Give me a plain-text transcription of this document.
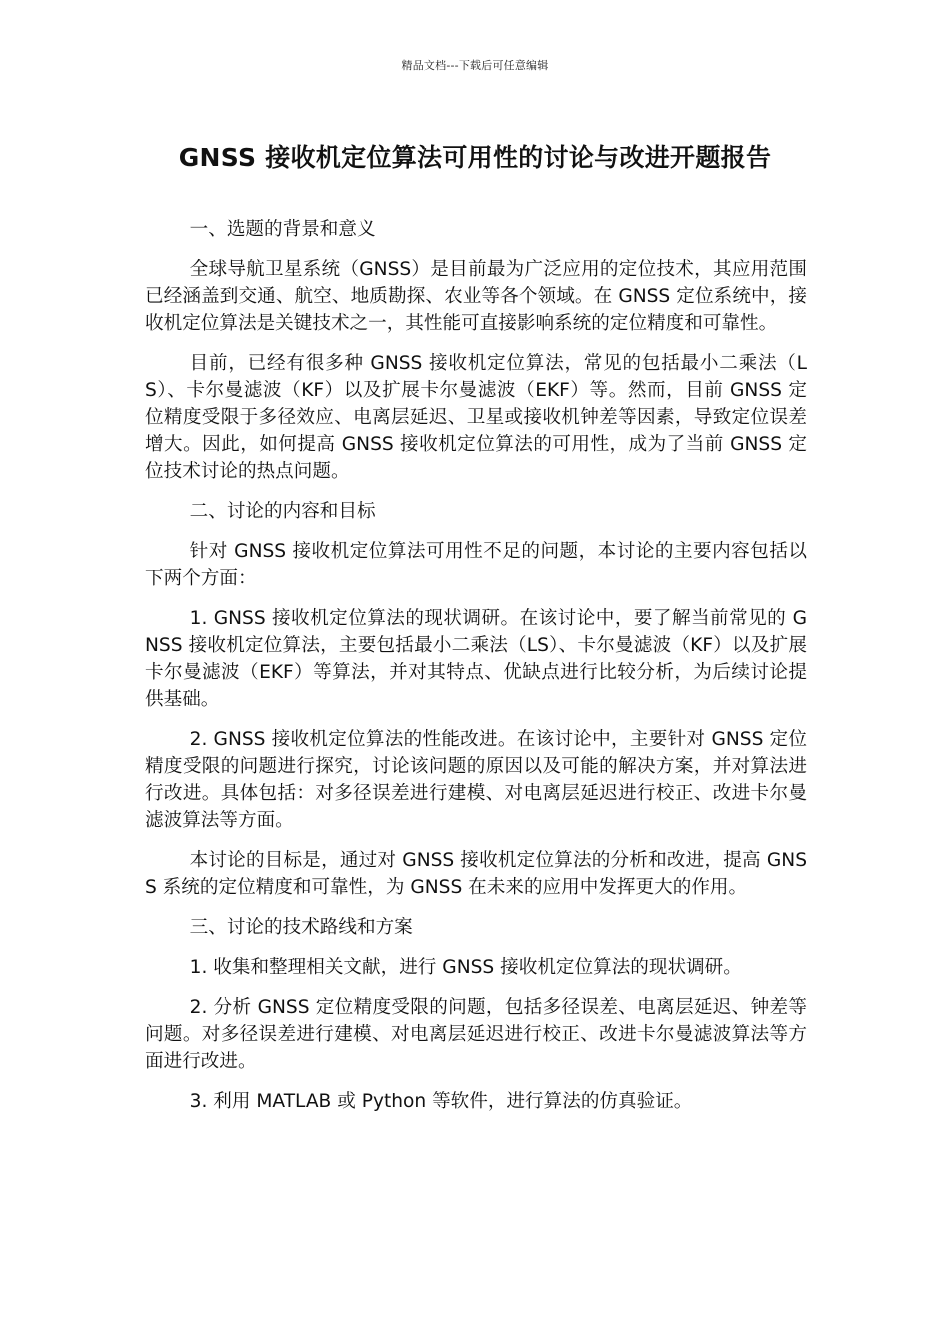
精品文档---下载后可任意编辑
GNSS 接收机定位算法可用性的讨论与改进开题报告

一、选题的背景和意义

全球导航卫星系统（GNSS）是目前最为广泛应用的定位技术，其应用范围已经涵盖到交通、航空、地质勘探、农业等各个领域。在 GNSS 定位系统中，接收机定位算法是关键技术之一，其性能可直接影响系统的定位精度和可靠性。

目前，已经有很多种 GNSS 接收机定位算法，常见的包括最小二乘法（LS）、卡尔曼滤波（KF）以及扩展卡尔曼滤波（EKF）等。然而，目前 GNSS 定位精度受限于多径效应、电离层延迟、卫星或接收机钟差等因素，导致定位误差增大。因此，如何提高 GNSS 接收机定位算法的可用性，成为了当前 GNSS 定位技术讨论的热点问题。

二、讨论的内容和目标

针对 GNSS 接收机定位算法可用性不足的问题，本讨论的主要内容包括以下两个方面：

1. GNSS 接收机定位算法的现状调研。在该讨论中，要了解当前常见的 GNSS 接收机定位算法，主要包括最小二乘法（LS）、卡尔曼滤波（KF）以及扩展卡尔曼滤波（EKF）等算法，并对其特点、优缺点进行比较分析，为后续讨论提供基础。

2. GNSS 接收机定位算法的性能改进。在该讨论中，主要针对 GNSS 定位精度受限的问题进行探究，讨论该问题的原因以及可能的解决方案，并对算法进行改进。具体包括：对多径误差进行建模、对电离层延迟进行校正、改进卡尔曼滤波算法等方面。

本讨论的目标是，通过对 GNSS 接收机定位算法的分析和改进，提高 GNSS 系统的定位精度和可靠性，为 GNSS 在未来的应用中发挥更大的作用。

三、讨论的技术路线和方案

1. 收集和整理相关文献，进行 GNSS 接收机定位算法的现状调研。

2. 分析 GNSS 定位精度受限的问题，包括多径误差、电离层延迟、钟差等问题。对多径误差进行建模、对电离层延迟进行校正、改进卡尔曼滤波算法等方面进行改进。

3. 利用 MATLAB 或 Python 等软件，进行算法的仿真验证。
